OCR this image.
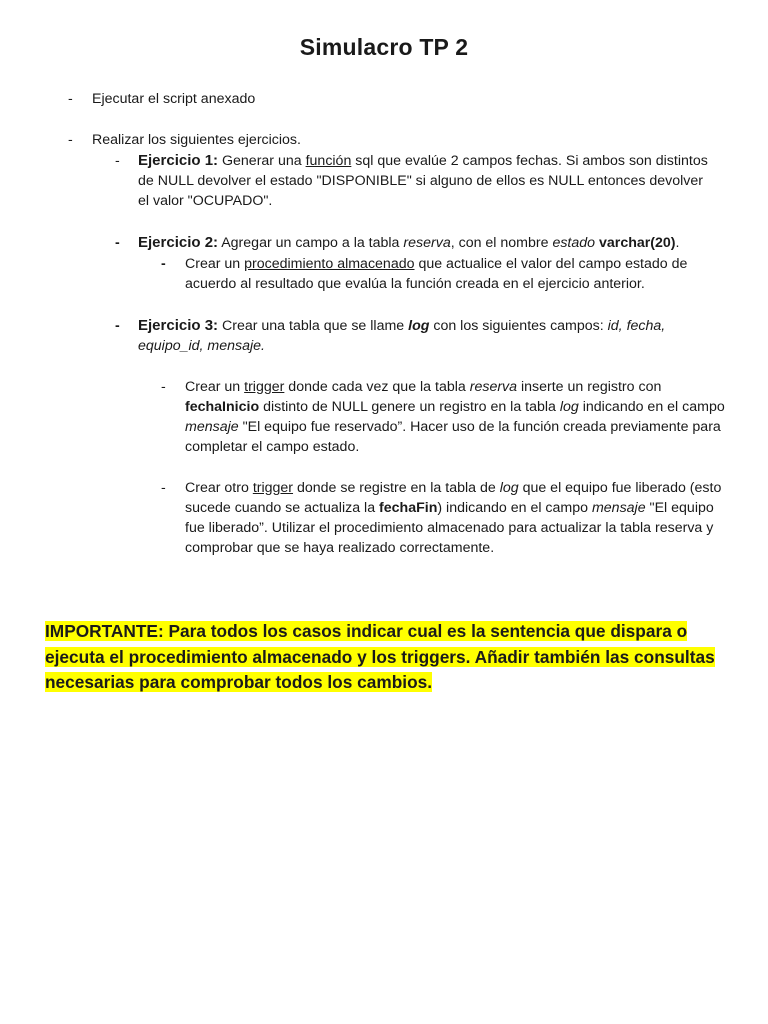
Simulacro TP 2
- Ejecutar el script anexado
- Realizar los siguientes ejercicios.
- Ejercicio 1: Generar una función sql que evalúe 2 campos fechas. Si ambos son distintos de NULL devolver el estado "DISPONIBLE" si alguno de ellos es NULL entonces devolver el valor "OCUPADO".
- Ejercicio 2: Agregar un campo a la tabla reserva, con el nombre estado varchar(20).
- Crear un procedimiento almacenado que actualice el valor del campo estado de acuerdo al resultado que evalúa la función creada en el ejercicio anterior.
- Ejercicio 3: Crear una tabla que se llame log con los siguientes campos: id, fecha, equipo_id, mensaje.
- Crear un trigger donde cada vez que la tabla reserva inserte un registro con fechaInicio distinto de NULL genere un registro en la tabla log indicando en el campo mensaje "El equipo fue reservado”. Hacer uso de la función creada previamente para completar el campo estado.
- Crear otro trigger donde se registre en la tabla de log que el equipo fue liberado (esto sucede cuando se actualiza la fechaFin) indicando en el campo mensaje "El equipo fue liberado”. Utilizar el procedimiento almacenado para actualizar la tabla reserva y comprobar que se haya realizado correctamente.
IMPORTANTE: Para todos los casos indicar cual es la sentencia que dispara o ejecuta el procedimiento almacenado y los triggers. Añadir también las consultas necesarias para comprobar todos los cambios.
